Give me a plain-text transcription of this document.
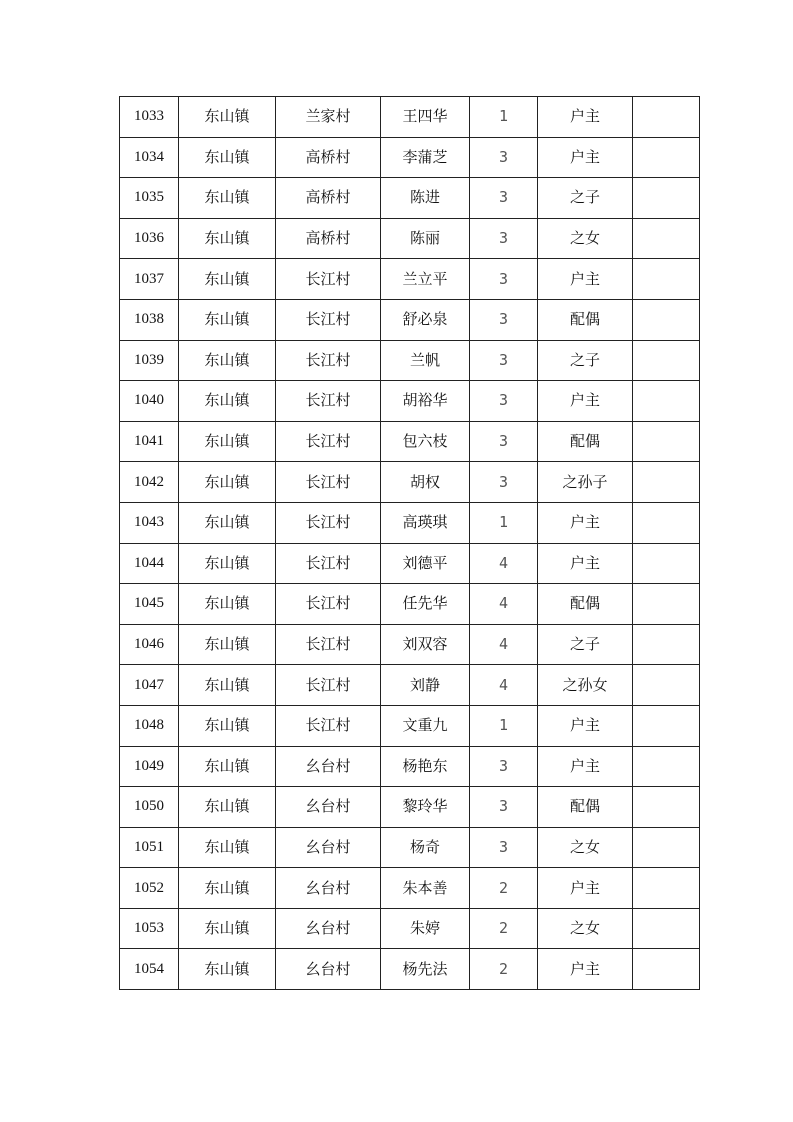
1033	东山镇	兰家村	王四华	1	户主	
1034	东山镇	高桥村	李蒲芝	3	户主	
1035	东山镇	高桥村	陈进	3	之子	
1036	东山镇	高桥村	陈丽	3	之女	
1037	东山镇	长江村	兰立平	3	户主	
1038	东山镇	长江村	舒必泉	3	配偶	
1039	东山镇	长江村	兰帆	3	之子	
1040	东山镇	长江村	胡裕华	3	户主	
1041	东山镇	长江村	包六枝	3	配偶	
1042	东山镇	长江村	胡权	3	之孙子	
1043	东山镇	长江村	高瑛琪	1	户主	
1044	东山镇	长江村	刘德平	4	户主	
1045	东山镇	长江村	任先华	4	配偶	
1046	东山镇	长江村	刘双容	4	之子	
1047	东山镇	长江村	刘静	4	之孙女	
1048	东山镇	长江村	文重九	1	户主	
1049	东山镇	幺台村	杨艳东	3	户主	
1050	东山镇	幺台村	黎玲华	3	配偶	
1051	东山镇	幺台村	杨奇	3	之女	
1052	东山镇	幺台村	朱本善	2	户主	
1053	东山镇	幺台村	朱婷	2	之女	
1054	东山镇	幺台村	杨先法	2	户主	
